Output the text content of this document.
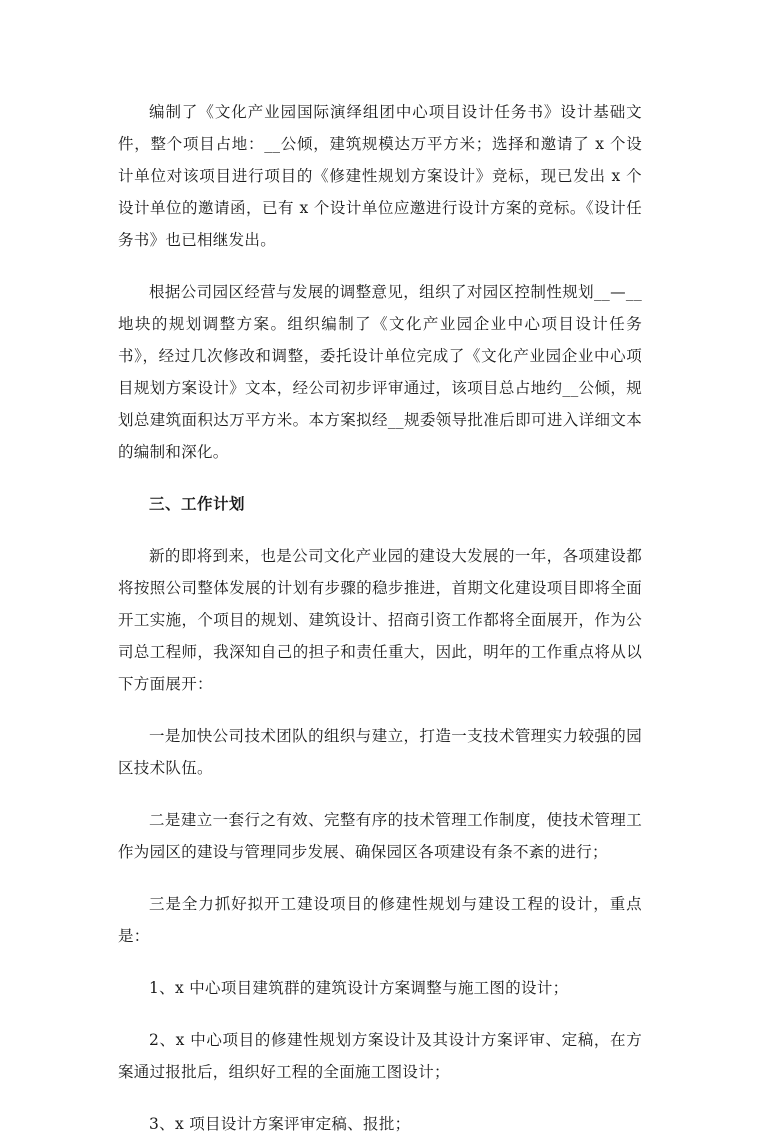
编制了《文化产业园国际演绎组团中心项目设计任务书》设计基础文件，整个项目占地：__公倾，建筑规模达万平方米；选择和邀请了 x 个设计单位对该项目进行项目的《修建性规划方案设计》竞标，现已发出 x 个设计单位的邀请函，已有 x 个设计单位应邀进行设计方案的竞标。《设计任务书》也已相继发出。

根据公司园区经营与发展的调整意见，组织了对园区控制性规划__—__地块的规划调整方案。组织编制了《文化产业园企业中心项目设计任务书》，经过几次修改和调整，委托设计单位完成了《文化产业园企业中心项目规划方案设计》文本，经公司初步评审通过，该项目总占地约__公倾，规划总建筑面积达万平方米。本方案拟经__规委领导批准后即可进入详细文本的编制和深化。

三、工作计划

新的即将到来，也是公司文化产业园的建设大发展的一年，各项建设都将按照公司整体发展的计划有步骤的稳步推进，首期文化建设项目即将全面开工实施，个项目的规划、建筑设计、招商引资工作都将全面展开，作为公司总工程师，我深知自己的担子和责任重大，因此，明年的工作重点将从以下方面展开：

一是加快公司技术团队的组织与建立，打造一支技术管理实力较强的园区技术队伍。

二是建立一套行之有效、完整有序的技术管理工作制度，使技术管理工作为园区的建设与管理同步发展、确保园区各项建设有条不紊的进行；

三是全力抓好拟开工建设项目的修建性规划与建设工程的设计，重点是：

1、x 中心项目建筑群的建筑设计方案调整与施工图的设计；

2、x 中心项目的修建性规划方案设计及其设计方案评审、定稿，在方案通过报批后，组织好工程的全面施工图设计；

3、x 项目设计方案评审定稿、报批；
